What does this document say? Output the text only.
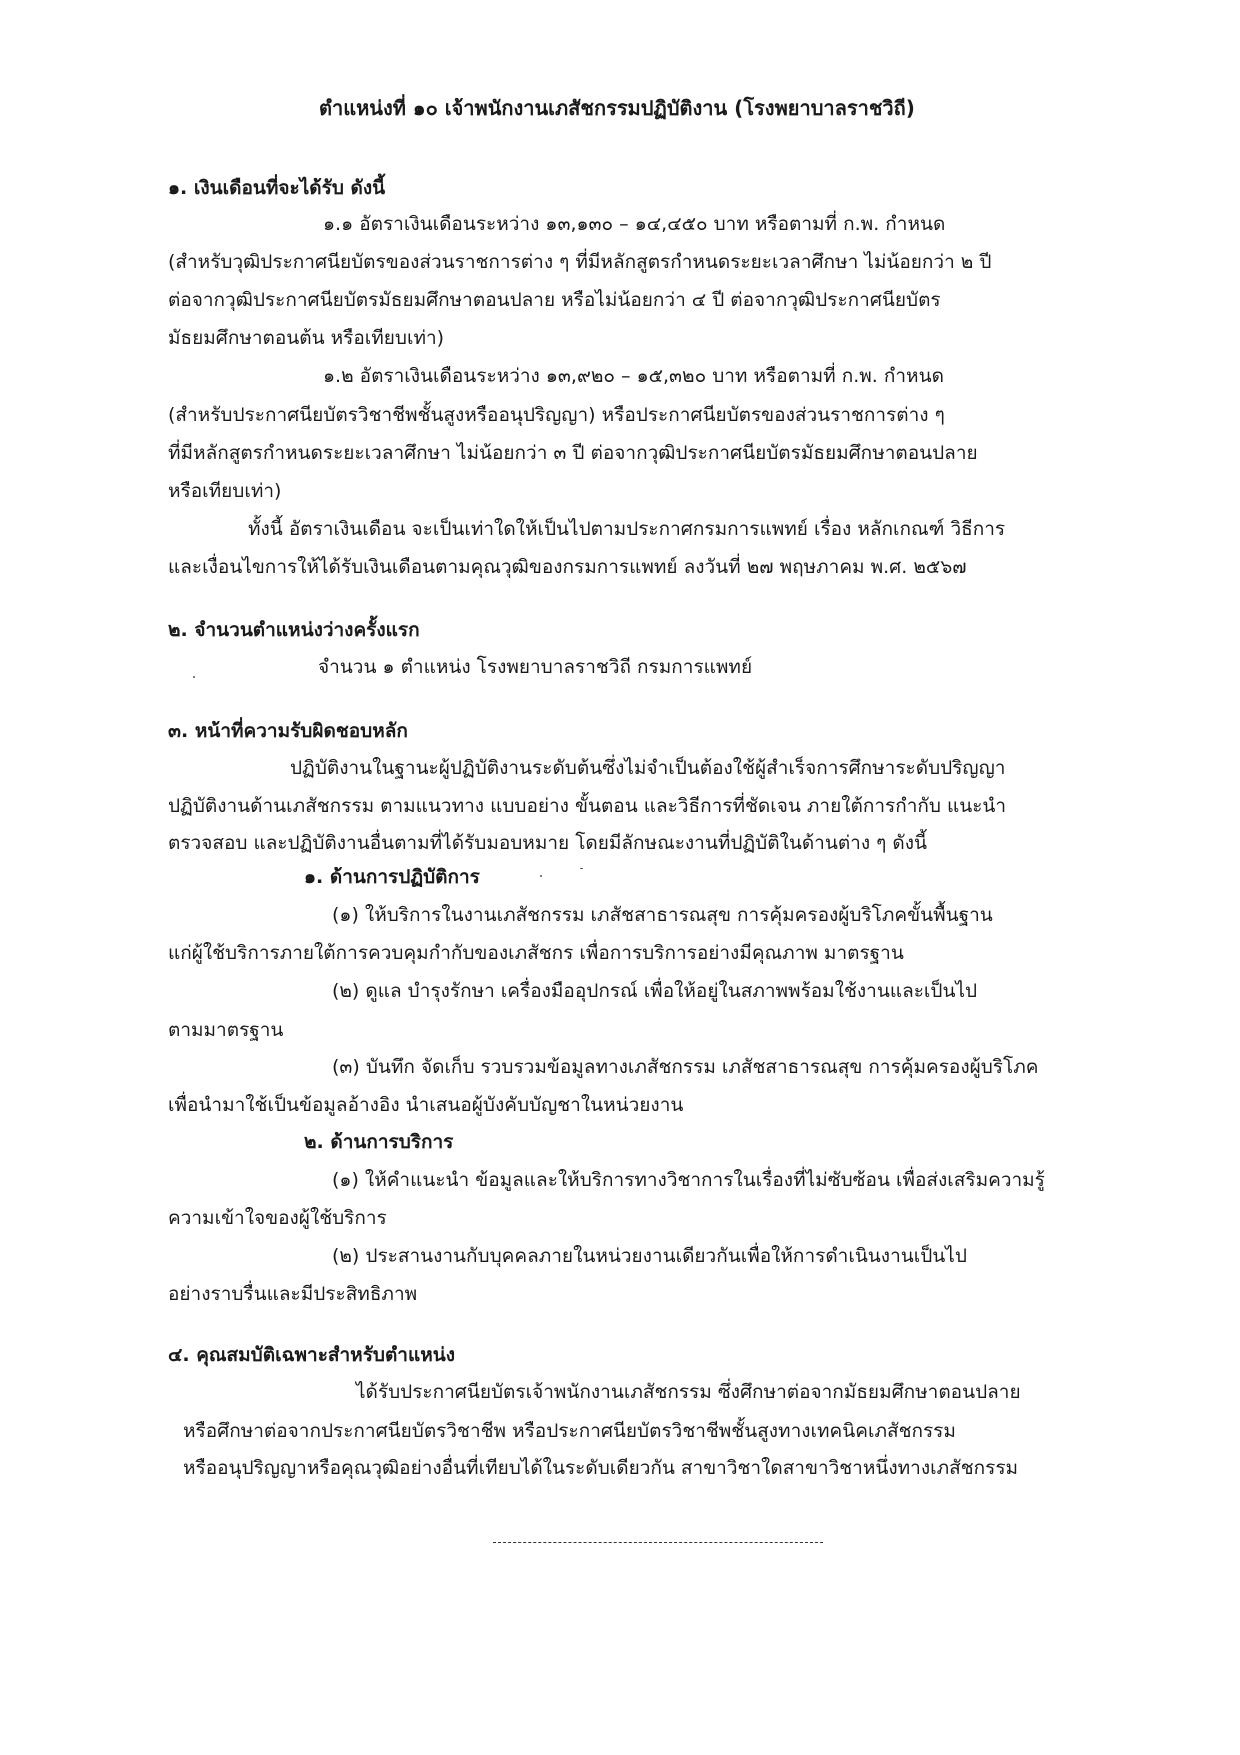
ตำแหน่งที่ ๑๐ เจ้าพนักงานเภสัชกรรมปฏิบัติงาน (โรงพยาบาลราชวิถี)
๑. เงินเดือนที่จะได้รับ ดังนี้
๑.๑ อัตราเงินเดือนระหว่าง ๑๓,๑๓๐ – ๑๔,๔๕๐ บาท หรือตามที่ ก.พ. กำหนด
(สำหรับวุฒิประกาศนียบัตรของส่วนราชการต่าง ๆ ที่มีหลักสูตรกำหนดระยะเวลาศึกษา ไม่น้อยกว่า ๒ ปี
ต่อจากวุฒิประกาศนียบัตรมัธยมศึกษาตอนปลาย หรือไม่น้อยกว่า ๔ ปี ต่อจากวุฒิประกาศนียบัตร
มัธยมศึกษาตอนต้น หรือเทียบเท่า)
๑.๒ อัตราเงินเดือนระหว่าง ๑๓,๙๒๐ – ๑๕,๓๒๐ บาท หรือตามที่ ก.พ. กำหนด
(สำหรับประกาศนียบัตรวิชาชีพชั้นสูงหรืออนุปริญญา) หรือประกาศนียบัตรของส่วนราชการต่าง ๆ
ที่มีหลักสูตรกำหนดระยะเวลาศึกษา ไม่น้อยกว่า ๓ ปี ต่อจากวุฒิประกาศนียบัตรมัธยมศึกษาตอนปลาย
หรือเทียบเท่า)
ทั้งนี้ อัตราเงินเดือน จะเป็นเท่าใดให้เป็นไปตามประกาศกรมการแพทย์ เรื่อง หลักเกณฑ์ วิธีการ
และเงื่อนไขการให้ได้รับเงินเดือนตามคุณวุฒิของกรมการแพทย์ ลงวันที่ ๒๗ พฤษภาคม พ.ศ. ๒๕๖๗
๒. จำนวนตำแหน่งว่างครั้งแรก
จำนวน ๑ ตำแหน่ง โรงพยาบาลราชวิถี กรมการแพทย์
๓. หน้าที่ความรับผิดชอบหลัก
ปฏิบัติงานในฐานะผู้ปฏิบัติงานระดับต้นซึ่งไม่จำเป็นต้องใช้ผู้สำเร็จการศึกษาระดับปริญญา
ปฏิบัติงานด้านเภสัชกรรม ตามแนวทาง แบบอย่าง ขั้นตอน และวิธีการที่ชัดเจน ภายใต้การกำกับ แนะนำ
ตรวจสอบ และปฏิบัติงานอื่นตามที่ได้รับมอบหมาย โดยมีลักษณะงานที่ปฏิบัติในด้านต่าง ๆ ดังนี้
๑. ด้านการปฏิบัติการ
(๑) ให้บริการในงานเภสัชกรรม เภสัชสาธารณสุข การคุ้มครองผู้บริโภคขั้นพื้นฐาน
แก่ผู้ใช้บริการภายใต้การควบคุมกำกับของเภสัชกร เพื่อการบริการอย่างมีคุณภาพ มาตรฐาน
(๒) ดูแล บำรุงรักษา เครื่องมืออุปกรณ์ เพื่อให้อยู่ในสภาพพร้อมใช้งานและเป็นไป
ตามมาตรฐาน
(๓) บันทึก จัดเก็บ รวบรวมข้อมูลทางเภสัชกรรม เภสัชสาธารณสุข การคุ้มครองผู้บริโภค
เพื่อนำมาใช้เป็นข้อมูลอ้างอิง นำเสนอผู้บังคับบัญชาในหน่วยงาน
๒. ด้านการบริการ
(๑) ให้คำแนะนำ ข้อมูลและให้บริการทางวิชาการในเรื่องที่ไม่ซับซ้อน เพื่อส่งเสริมความรู้
ความเข้าใจของผู้ใช้บริการ
(๒) ประสานงานกับบุคคลภายในหน่วยงานเดียวกันเพื่อให้การดำเนินงานเป็นไป
อย่างราบรื่นและมีประสิทธิภาพ
๔. คุณสมบัติเฉพาะสำหรับตำแหน่ง
ได้รับประกาศนียบัตรเจ้าพนักงานเภสัชกรรม ซึ่งศึกษาต่อจากมัธยมศึกษาตอนปลาย
หรือศึกษาต่อจากประกาศนียบัตรวิชาชีพ หรือประกาศนียบัตรวิชาชีพชั้นสูงทางเทคนิคเภสัชกรรม
หรืออนุปริญญาหรือคุณวุฒิอย่างอื่นที่เทียบได้ในระดับเดียวกัน สาขาวิชาใดสาขาวิชาหนึ่งทางเภสัชกรรม
